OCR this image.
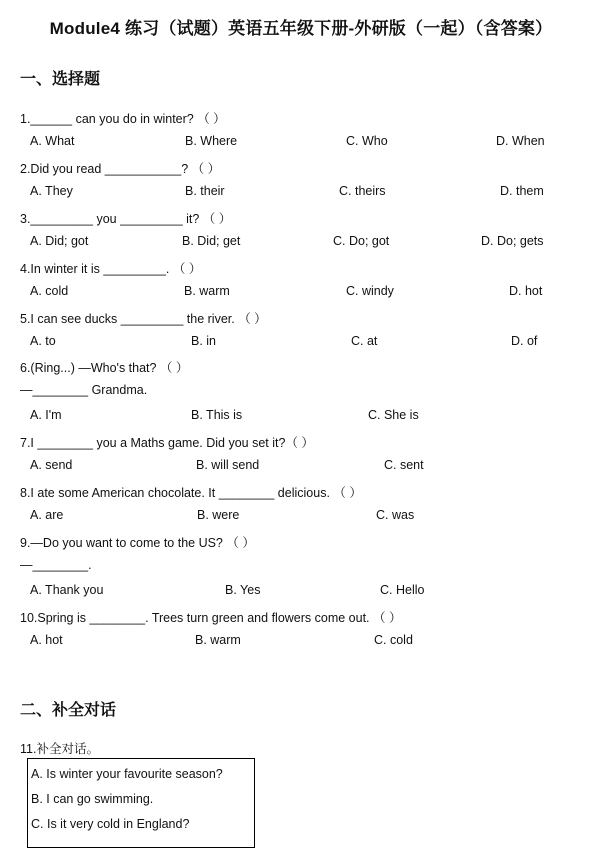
Module4 练习（试题）英语五年级下册-外研版（一起）（含答案）
一、选择题
1.______ can you do in winter? （ ）
A. What	B. Where	C. Who	D. When
2.Did you read ___________? （ ）
A. They	B. their	C. theirs	D. them
3._________ you _________ it? （ ）
A. Did; got	B. Did; get	C. Do; got	D. Do; gets
4.In winter it is _________. （ ）
A. cold	B. warm	C. windy	D. hot
5.I can see ducks _________ the river. （ ）
A. to	B. in	C. at	D. of
6.(Ring...) —Who's that? （ ）
—________ Grandma.
A. I'm	B. This is	C. She is
7.I ________ you a Maths game. Did you set it?（ ）
A. send	B. will send	C. sent
8.I ate some American chocolate. It ________ delicious. （ ）
A. are	B. were	C. was
9.—Do you want to come to the US? （ ）
—________.
A. Thank you	B. Yes	C. Hello
10.Spring is ________. Trees turn green and flowers come out. （ ）
A. hot	B. warm	C. cold
二、补全对话
11.补全对话。
A. Is winter your favourite season?
B. I can go swimming.
C. Is it very cold in England?
